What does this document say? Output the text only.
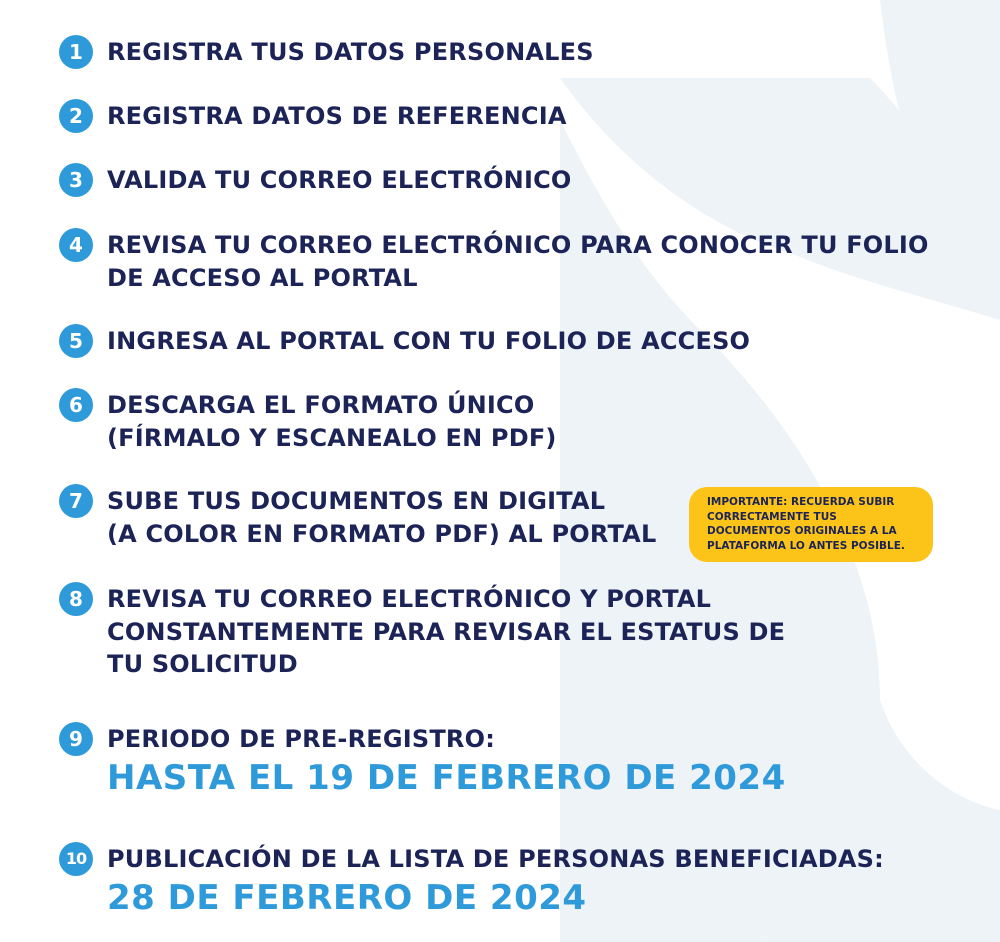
1	REGISTRA TUS DATOS PERSONALES
2	REGISTRA DATOS DE REFERENCIA
3	VALIDA TU CORREO ELECTRÓNICO
4	REVISA TU CORREO ELECTRÓNICO PARA CONOCER TU FOLIO
DE ACCESO AL PORTAL
5	INGRESA AL PORTAL CON TU FOLIO DE ACCESO
6	DESCARGA EL FORMATO ÚNICO
(FÍRMALO Y ESCANEALO EN PDF)
7	SUBE TUS DOCUMENTOS EN DIGITAL
(A COLOR EN FORMATO PDF) AL PORTAL
IMPORTANTE: RECUERDA SUBIR
CORRECTAMENTE TUS
DOCUMENTOS ORIGINALES A LA
PLATAFORMA LO ANTES POSIBLE.
8	REVISA TU CORREO ELECTRÓNICO Y PORTAL
CONSTANTEMENTE PARA REVISAR EL ESTATUS DE
TU SOLICITUD
9	PERIODO DE PRE-REGISTRO:
HASTA EL 19 DE FEBRERO DE 2024
10 PUBLICACIÓN DE LA LISTA DE PERSONAS BENEFICIADAS:
28 DE FEBRERO DE 2024
